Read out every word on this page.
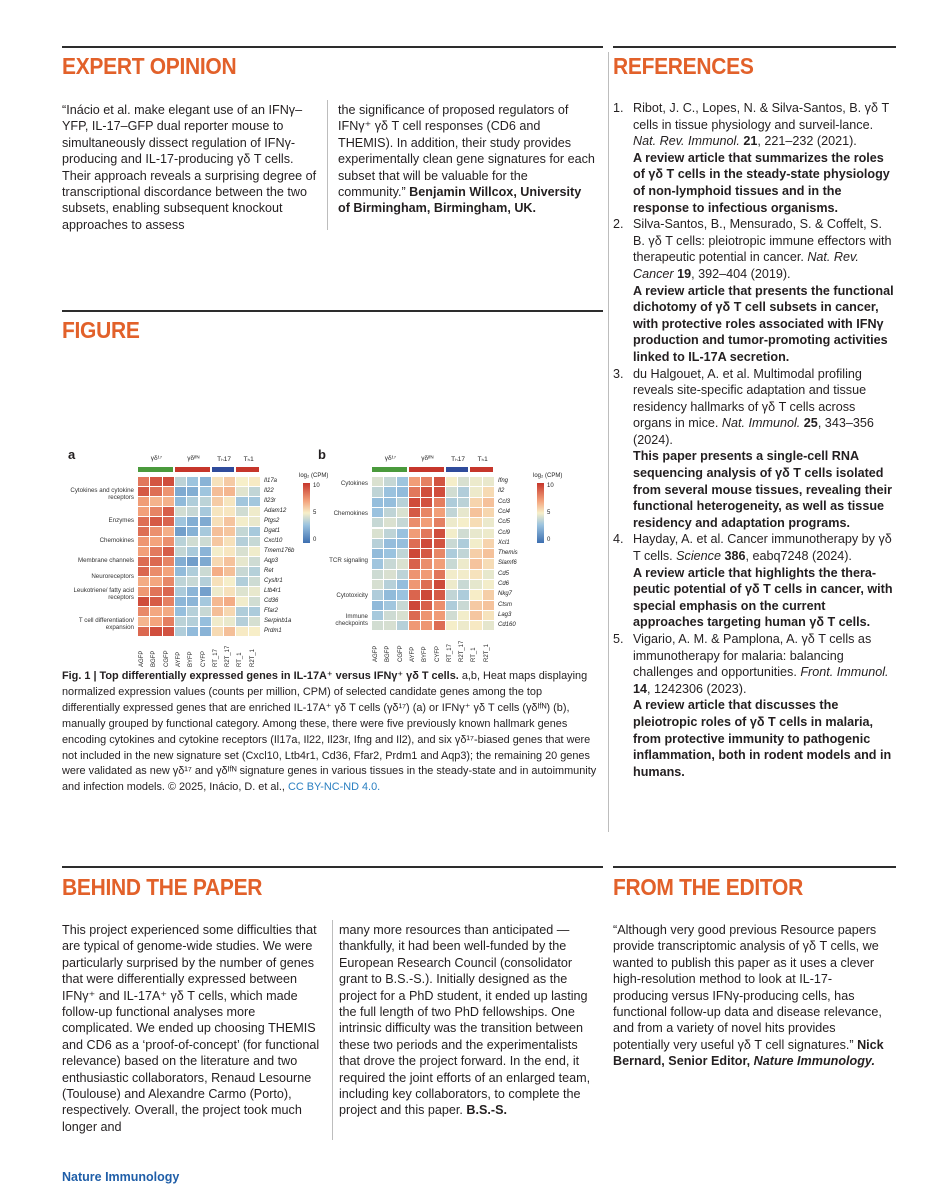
EXPERT OPINION
“Inácio et al. make elegant use of an IFNγ–YFP, IL-17–GFP dual reporter mouse to simultaneously dissect regulation of IFNγ-producing and IL-17-producing γδ T cells. Their approach reveals a surprising degree of transcriptional discordance between the two subsets, enabling subsequent knockout approaches to assess
the significance of proposed regulators of IFNγ⁺ γδ T cell responses (CD6 and THEMIS). In addition, their study provides experimentally clean gene signatures for each subset that will be valuable for the community.” Benjamin Willcox, University of Birmingham, Birmingham, UK.
FIGURE
Fig. 1 | Top differentially expressed genes in IL-17A⁺ versus IFNγ⁺ γδ T cells. a,b, Heat maps displaying normalized expression values (counts per million, CPM) of selected candidate genes among the top differentially expressed genes that are enriched IL-17A⁺ γδ T cells (γδ¹⁷) (a) or IFNγ⁺ γδ T cells (γδᴵᶠᴺ) (b), manually grouped by functional category. Among these, there were five previously known hallmark genes encoding cytokines and cytokine receptors (Il17a, Il22, Il23r, Ifng and Il2), and six γδ¹⁷-biased genes that were not included in the new signature set (Cxcl10, Ltb4r1, Cd36, Ffar2, Prdm1 and Aqp3); the remaining 20 genes were validated as new γδ¹⁷ and γδᴵᶠᴺ signature genes in various tissues in the steady-state and in autoimmunity and infection models. © 2025, Inácio, D. et al., CC BY-NC-ND 4.0.
REFERENCES
1. Ribot, J. C., Lopes, N. & Silva-Santos, B. γδ T cells in tissue physiology and surveil-lance. Nat. Rev. Immunol. 21, 221–232 (2021).
A review article that summarizes the roles of γδ T cells in the steady-state physiology of non-lymphoid tissues and in the response to infectious organisms.
2. Silva-Santos, B., Mensurado, S. & Coffelt, S. B. γδ T cells: pleiotropic immune effectors with therapeutic potential in cancer. Nat. Rev. Cancer 19, 392–404 (2019).
A review article that presents the functional dichotomy of γδ T cell subsets in cancer, with protective roles associated with IFNγ production and tumor-promoting activities linked to IL-17A secretion.
3. du Halgouet, A. et al. Multimodal profiling reveals site-specific adaptation and tissue residency hallmarks of γδ T cells across organs in mice. Nat. Immunol. 25, 343–356 (2024).
This paper presents a single-cell RNA sequencing analysis of γδ T cells isolated from several mouse tissues, revealing their functional heterogeneity, as well as tissue residency and adaptation programs.
4. Hayday, A. et al. Cancer immunotherapy by γδ T cells. Science 386, eabq7248 (2024).
A review article that highlights the thera-peutic potential of γδ T cells in cancer, with special emphasis on the current approaches targeting human γδ T cells.
5. Vigario, A. M. & Pamplona, A. γδ T cells as immunotherapy for malaria: balancing challenges and opportunities. Front. Immunol. 14, 1242306 (2023).
A review article that discusses the pleiotropic roles of γδ T cells in malaria, from protective immunity to pathogenic inflammation, both in rodent models and in humans.
BEHIND THE PAPER
This project experienced some difficulties that are typical of genome-wide studies. We were particularly surprised by the number of genes that were differentially expressed between IFNγ⁺ and IL-17A⁺ γδ T cells, which made follow-up functional analyses more complicated. We ended up choosing THEMIS and CD6 as a ‘proof-of-concept’ (for functional relevance) based on the literature and two enthusiastic collaborators, Renaud Lesourne (Toulouse) and Alexandre Carmo (Porto), respectively. Overall, the project took much longer and
many more resources than anticipated — thankfully, it had been well-funded by the European Research Council (consolidator grant to B.S.-S.). Initially designed as the project for a PhD student, it ended up lasting the full length of two PhD fellowships. One intrinsic difficulty was the transition between these two periods and the experimentalists that drove the project forward. In the end, it required the joint efforts of an enlarged team, including key collaborators, to complete the project and this paper. B.S.-S.
FROM THE EDITOR
“Although very good previous Resource papers provide transcriptomic analysis of γδ T cells, we wanted to publish this paper as it uses a clever high-resolution method to look at IL-17-producing versus IFNγ-producing cells, has functional follow-up data and disease relevance, and from a variety of novel hits provides potentially very useful γδ T cell signatures.” Nick Bernard, Senior Editor, Nature Immunology.
Nature Immunology
a	γδ¹⁷	γδᴵᶠᴺ	Tₕ17	Tₕ1
Il17a
Il22
Il23r
Adam12
Ptgs2
Dgat1
Cxcl10
Tmem176b
Aqp3
Ret
Cysltr1
Ltb4r1
Cd36
Ffar2
Serpinb1a
Prdm1
Cytokines and cytokine receptors
Enzymes
Chemokines
Membrane channels
Neuroreceptors
Leukotriene/ fatty acid receptors
T cell differentiation/ expansion
AGFP BGFP CGFP AYFP BYFP CYFP RT_17 R2T_17 RT_1 R2T_1
log₂ (CPM)
10
5
0
b	γδ¹⁷	γδᴵᶠᴺ	Tₕ17	Tₕ1
Ifng
Il2
Ccl3
Ccl4
Ccl5
Ccl9
Xcl1
Themis
Slamf6
Cd5
Cd6
Nkg7
Ctsm
Lag3
Cd160
Cytokines
Chemokines
TCR signaling
Cytotoxicity
Immune checkpoints
AGFP BGFP CGFP AYFP BYFP CYFP RT_17 R2T_17 RT_1 R2T_1
log₂ (CPM)
10
5
0
